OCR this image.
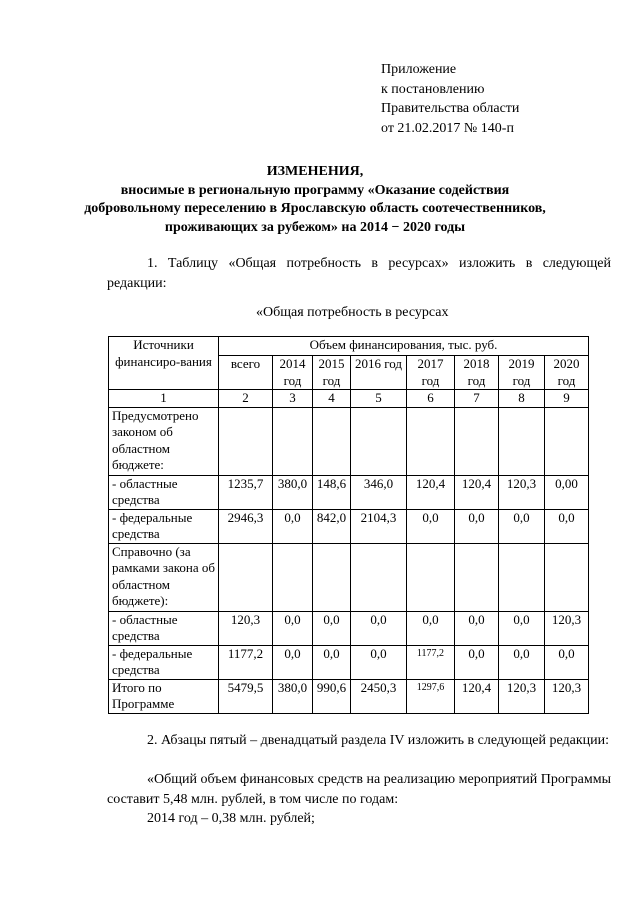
Приложение
к постановлению
Правительства области
от 21.02.2017 № 140-п
ИЗМЕНЕНИЯ,
вносимые в региональную программу «Оказание содействия
добровольному переселению в Ярославскую область соотечественников,
проживающих за рубежом» на 2014 − 2020 годы
1. Таблицу «Общая потребность в ресурсах» изложить в следующей редакции:
«Общая потребность в ресурсах
Источники финансиро-вания	Объем финансирования, тыс. руб.							
	всего	2014 год	2015 год	2016 год	2017 год	2018 год	2019 год	2020 год
1	2	3	4	5	6	7	8	9
Предусмотрено законом об областном бюджете:								
- областные средства	1235,7	380,0	148,6	346,0	120,4	120,4	120,3	0,00
- федеральные средства	2946,3	0,0	842,0	2104,3	0,0	0,0	0,0	0,0
Справочно (за рамками закона об областном бюджете):								
- областные средства	120,3	0,0	0,0	0,0	0,0	0,0	0,0	120,3
- федеральные средства	1177,2	0,0	0,0	0,0	1177,2	0,0	0,0	0,0
Итого по Программе	5479,5	380,0	990,6	2450,3	1297,6	120,4	120,3	120,3
2. Абзацы пятый – двенадцатый раздела IV изложить в следующей редакции:
«Общий объем финансовых средств на реализацию мероприятий Программы составит 5,48 млн. рублей, в том числе по годам:
2014 год – 0,38 млн. рублей;
